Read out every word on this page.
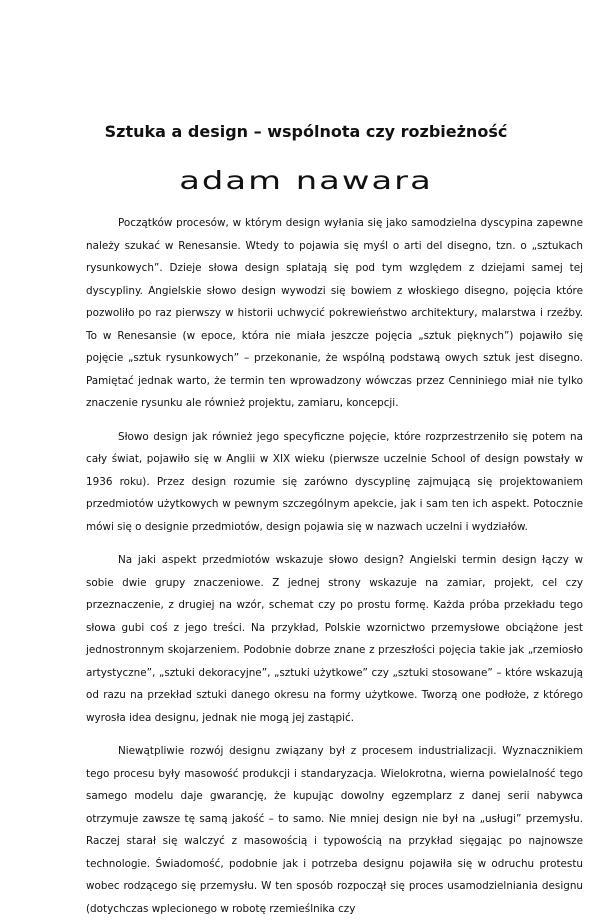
Sztuka a design – wspólnota czy rozbieżność
adam nawara

Początków procesów, w którym design wyłania się jako samodzielna dyscypina zapewne należy szukać w Renesansie. Wtedy to pojawia się myśl o arti del disegno, tzn. o „sztukach rysunkowych”. Dzieje słowa design splatają się pod tym względem z dziejami samej tej dyscypliny. Angielskie słowo design wywodzi się bowiem z włoskiego disegno, pojęcia które pozwoliło po raz pierwszy w historii uchwycić pokrewieństwo architektury, malarstwa i rzeźby. To w Renesansie (w epoce, która nie miała jeszcze pojęcia „sztuk pięknych”) pojawiło się pojęcie „sztuk rysunkowych” – przekonanie, że wspólną podstawą owych sztuk jest disegno. Pamiętać jednak warto, że termin ten wprowadzony wówczas przez Cenniniego miał nie tylko znaczenie rysunku ale również projektu, zamiaru, koncepcji.

Słowo design jak również jego specyficzne pojęcie, które rozprzestrzeniło się potem na cały świat, pojawiło się w Anglii w XIX wieku (pierwsze uczelnie School of design powstały w 1936 roku). Przez design rozumie się zarówno dyscyplinę zajmującą się projektowaniem przedmiotów użytkowych w pewnym szczególnym apekcie, jak i sam ten ich aspekt. Potocznie mówi się o designie przedmiotów, design pojawia się w nazwach uczelni i wydziałów.

Na jaki aspekt przedmiotów wskazuje słowo design? Angielski termin design łączy w sobie dwie grupy znaczeniowe. Z jednej strony wskazuje na zamiar, projekt, cel czy przeznaczenie, z drugiej na wzór, schemat czy po prostu formę. Każda próba przekładu tego słowa gubi coś z jego treści. Na przykład, Polskie wzornictwo przemysłowe obciążone jest jednostronnym skojarzeniem. Podobnie dobrze znane z przeszłości pojęcia takie jak „rzemiosło artystyczne”, „sztuki dekoracyjne”, „sztuki użytkowe” czy „sztuki stosowane” – które wskazują od razu na przekład sztuki danego okresu na formy użytkowe. Tworzą one podłoże, z którego wyrosła idea designu, jednak nie mogą jej zastąpić.

Niewątpliwie rozwój designu związany był z procesem industrializacji. Wyznacznikiem tego procesu były masowość produkcji i standaryzacja. Wielokrotna, wierna powielalność tego samego modelu daje gwarancję, że kupując dowolny egzemplarz z danej serii nabywca otrzymuje zawsze tę samą jakość – to samo. Nie mniej design nie był na „usługi” przemysłu. Raczej starał się walczyć z masowością i typowością na przykład sięgając po najnowsze technologie. Świadomość, podobnie jak i potrzeba designu pojawiła się w odruchu protestu wobec rodzącego się przemysłu. W ten sposób rozpoczął się proces usamodzielniania designu (dotychczas wplecionego w robotę rzemieślnika czy
